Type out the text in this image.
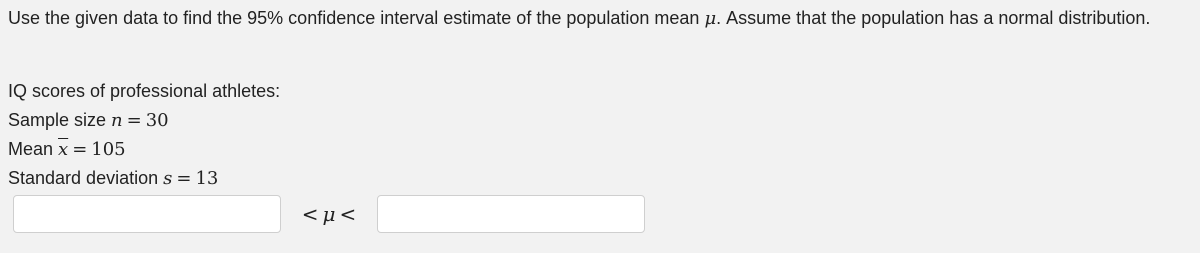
Use the given data to find the 95% confidence interval estimate of the population mean μ. Assume that the population has a normal distribution.
IQ scores of professional athletes:
Sample size n = 30
Mean $\overline{x} = 105$
Standard deviation s = 13
< μ <
